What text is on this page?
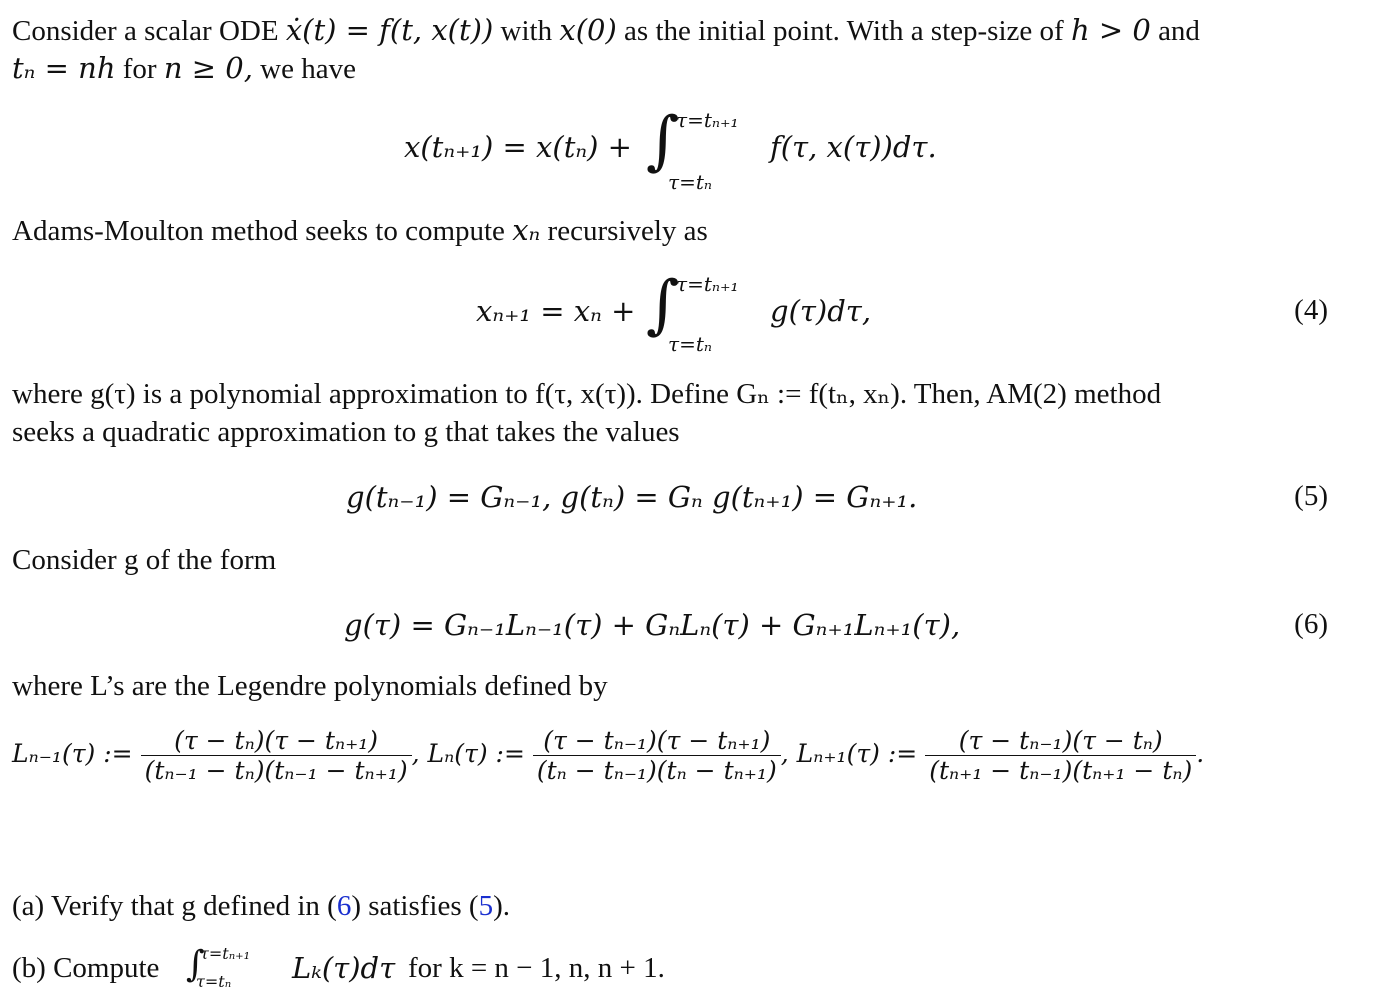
Consider a scalar ODE ẋ(t) = f(t, x(t)) with x(0) as the initial point. With a step-size of h > 0 and
tₙ = nh for n ≥ 0, we have
x(tₙ₊₁) = x(tₙ) + ∫
τ=tₙ₊₁
τ=tₙ
f(τ, x(τ))dτ.
Adams-Moulton method seeks to compute xₙ recursively as
xₙ₊₁ = xₙ + ∫
τ=tₙ₊₁
τ=tₙ
g(τ)dτ,	(4)
where g(τ) is a polynomial approximation to f(τ, x(τ)). Define Gₙ := f(tₙ, xₙ). Then, AM(2) method
seeks a quadratic approximation to g that takes the values
g(tₙ₋₁) = Gₙ₋₁, g(tₙ) = Gₙ g(tₙ₊₁) = Gₙ₊₁.	(5)
Consider g of the form
g(τ) = Gₙ₋₁Lₙ₋₁(τ) + GₙLₙ(τ) + Gₙ₊₁Lₙ₊₁(τ),	(6)
where L’s are the Legendre polynomials defined by
Lₙ₋₁(τ) := $\frac{\text{(τ − tₙ)(τ − tₙ₊₁)}}{\text{(tₙ₋₁ − tₙ)(tₙ₋₁ − tₙ₊₁)}}$ , Lₙ(τ) := $\frac{\text{(τ − tₙ₋₁)(τ − tₙ₊₁)}}{\text{(tₙ − tₙ₋₁)(tₙ − tₙ₊₁)}}$ , Lₙ₊₁(τ) := $\frac{\text{(τ − tₙ₋₁)(τ − tₙ)}}{\text{(tₙ₊₁ − tₙ₋₁)(tₙ₊₁ − tₙ)}}$ .
(a) Verify that g defined in (6) satisfies (5).
(b) Compute ∫
τ=tₙ₊₁
τ=tₙ Lₖ(τ)dτ for k = n − 1, n, n + 1.
